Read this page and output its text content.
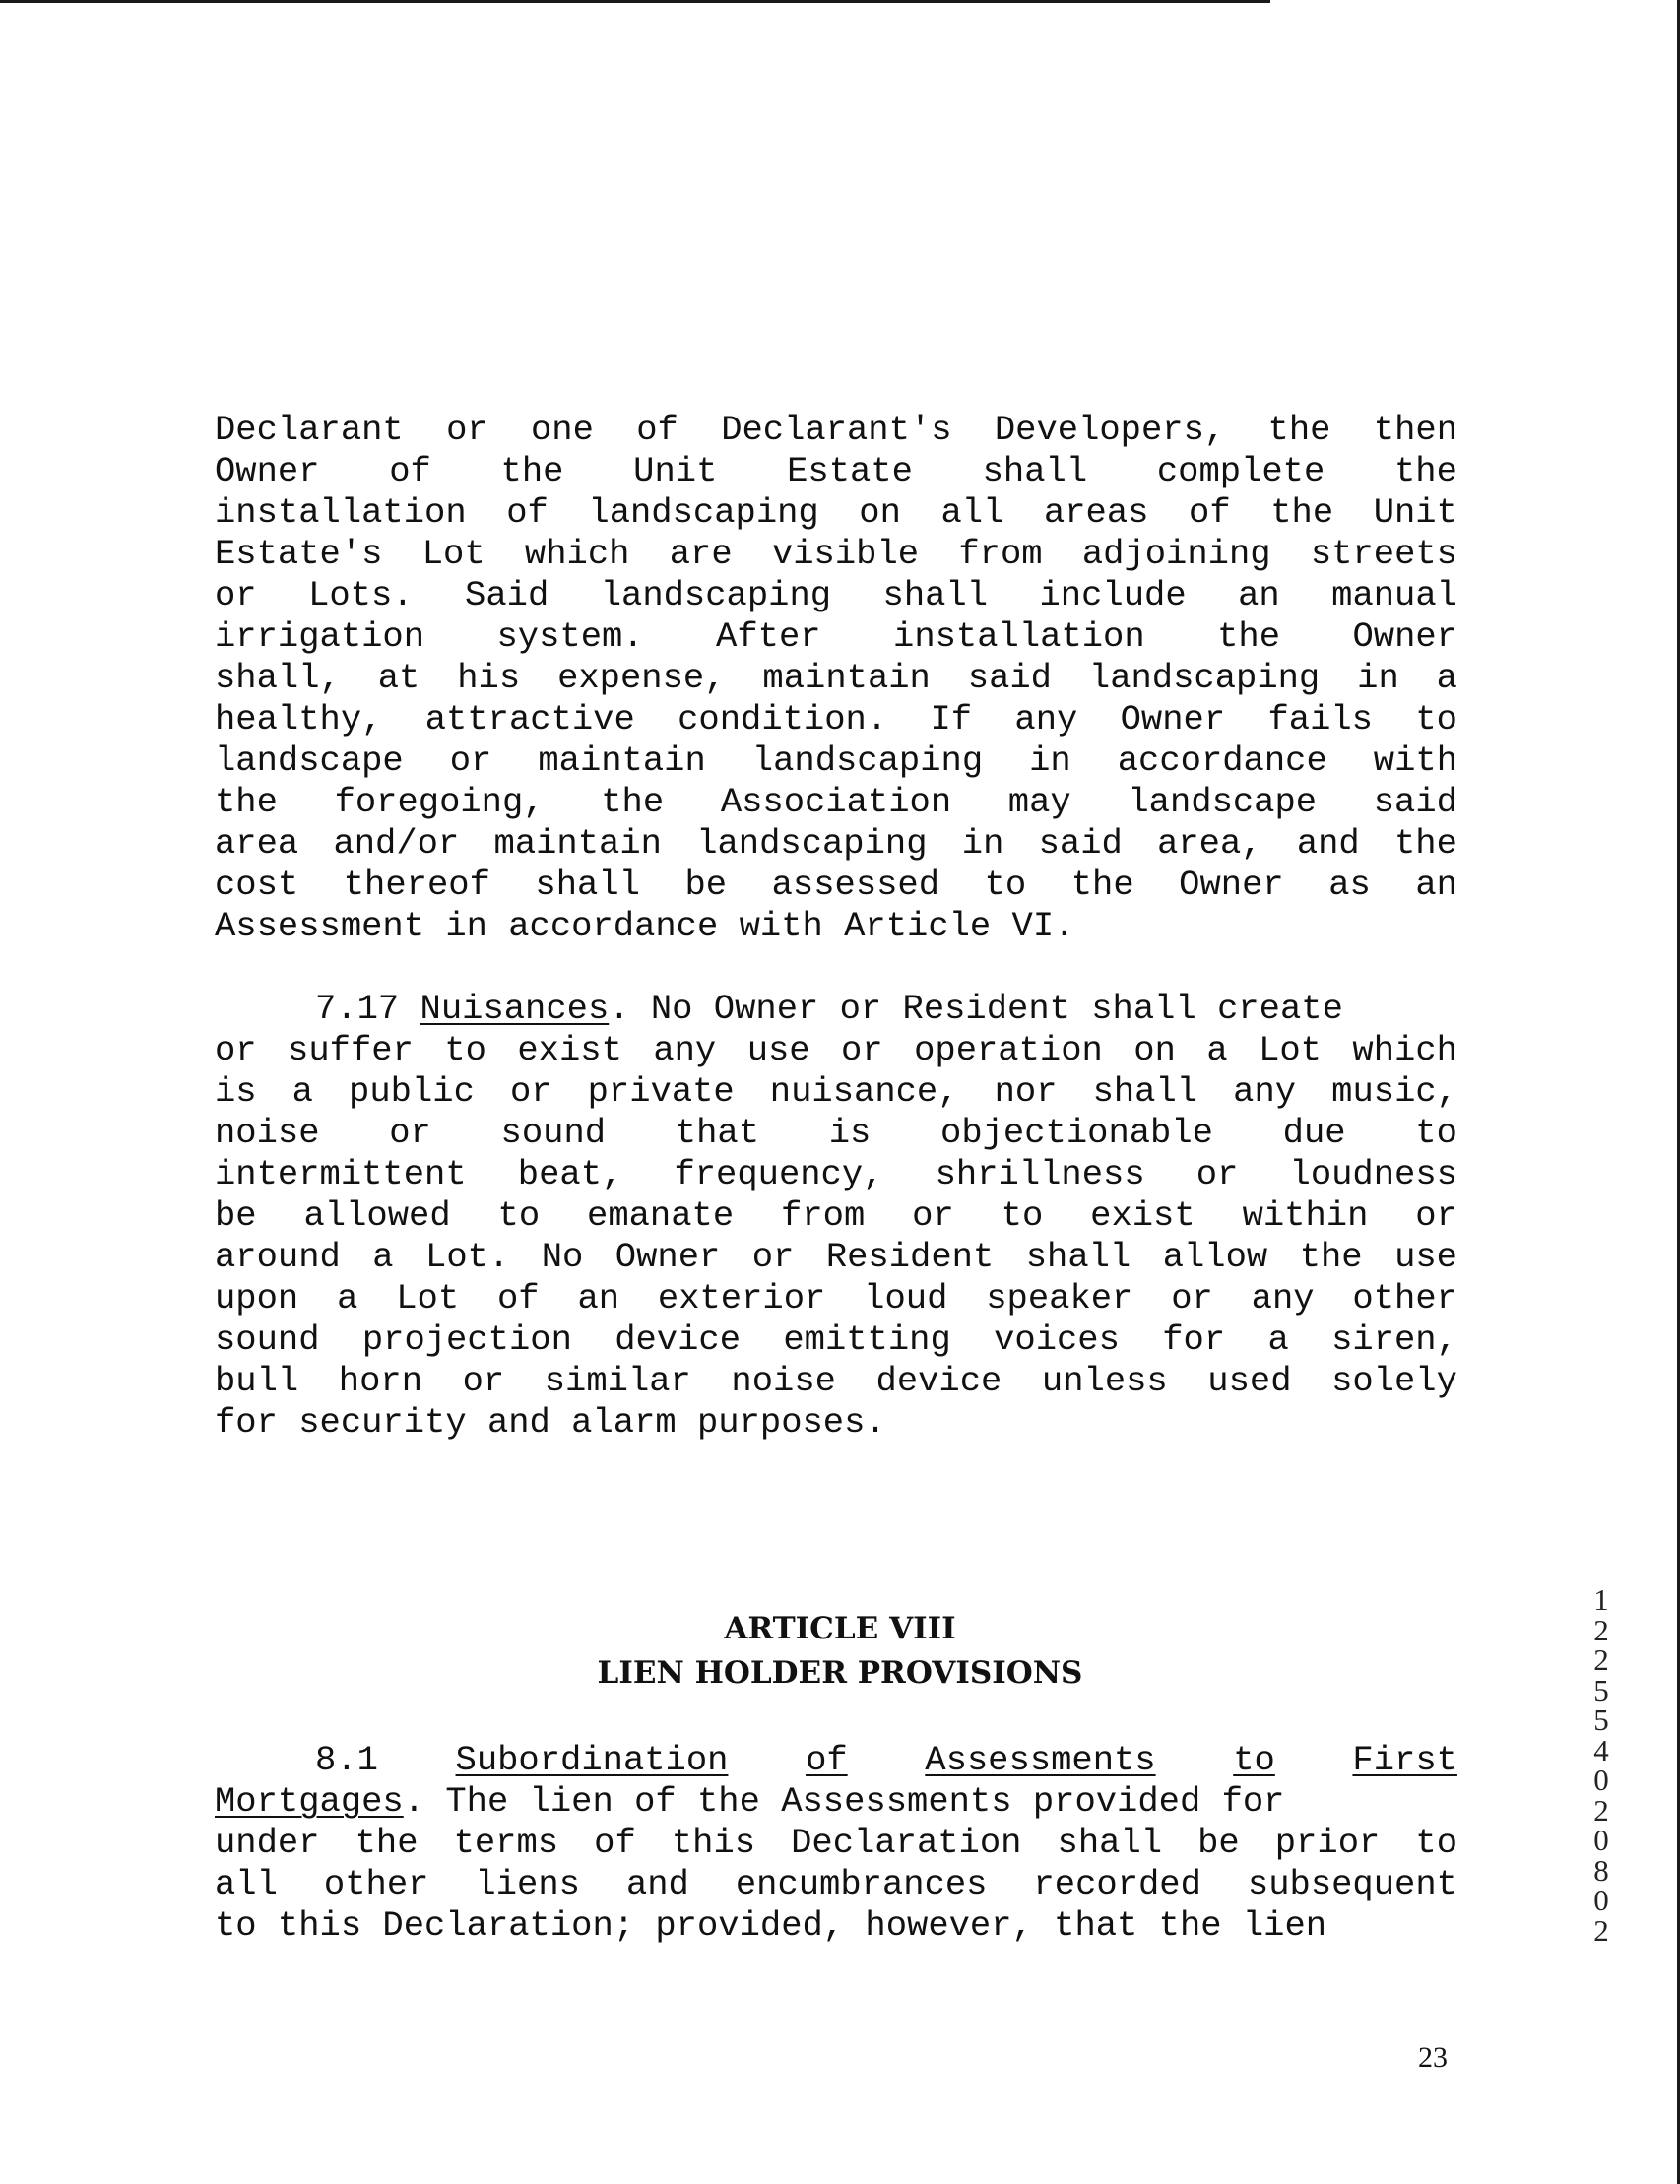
Declarant or one of Declarant's Developers, the then
Owner of the Unit Estate shall complete the
installation of landscaping on all areas of the Unit
Estate's Lot which are visible from adjoining streets
or Lots. Said landscaping shall include an manual
irrigation system. After installation the Owner
shall, at his expense, maintain said landscaping in a
healthy, attractive condition. If any Owner fails to
landscape or maintain landscaping in accordance with
the foregoing, the Association may landscape said
area and/or maintain landscaping in said area, and the
cost thereof shall be assessed to the Owner as an
Assessment in accordance with Article VI.
7.17 Nuisances. No Owner or Resident shall create
or suffer to exist any use or operation on a Lot which
is a public or private nuisance, nor shall any music,
noise or sound that is objectionable due to
intermittent beat, frequency, shrillness or loudness
be allowed to emanate from or to exist within or
around a Lot. No Owner or Resident shall allow the use
upon a Lot of an exterior loud speaker or any other
sound projection device emitting voices for a siren,
bull horn or similar noise device unless used solely
for security and alarm purposes.
ARTICLE VIII
LIEN HOLDER PROVISIONS
8.1 Subordination of Assessments to First
Mortgages . The lien of the Assessments provided for
under the terms of this Declaration shall be prior to
all other liens and encumbrances recorded subsequent
to this Declaration; provided, however, that the lien
122554 020802
23
